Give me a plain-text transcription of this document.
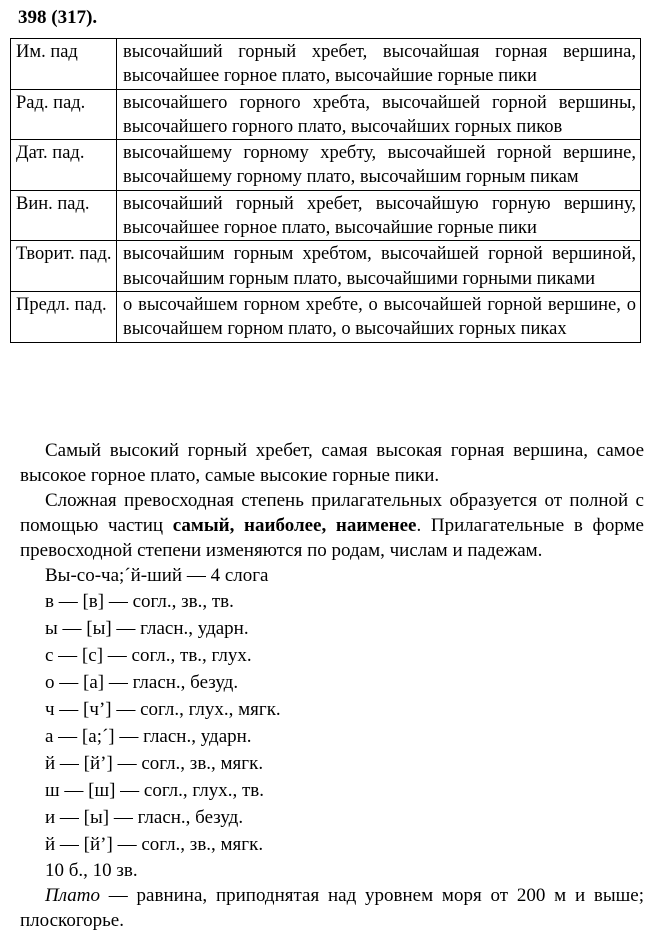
398 (317).
Им. пад	высочайший горный хребет, высочайшая горная вершина, высочайшее горное плато, высочайшие горные пики
Рад. пад.	высочайшего горного хребта, высочайшей горной вершины, высочайшего горного плато, высочайших горных пиков
Дат. пад.	высочайшему горному хребту, высочайшей горной вершине, высочайшему горному плато, высочайшим горным пикам
Вин. пад.	высочайший горный хребет, высочайшую горную вершину, высочайшее горное плато, высочайшие горные пики
Творит. пад.	высочайшим горным хребтом, высочайшей горной вершиной, высочайшим горным плато, высочайшими горными пиками
Предл. пад.	о высочайшем горном хребте, о высочайшей горной вершине, о высочайшем горном плато, о высочайших горных пиках

Самый высокий горный хребет, самая высокая горная вершина, самое высокое горное плато, самые высокие горные пики.

Сложная превосходная степень прилагательных образуется от полной с помощью частиц самый, наиболее, наименее. Прилагательные в форме превосходной степени изменяются по родам, числам и падежам.

Вы-со-ча;´й-ший — 4 слога

в — [в] — согл., зв., тв.

ы — [ы] — гласн., ударн.

с — [с] — согл., тв., глух.

о — [а] — гласн., безуд.

ч — [ч’] — согл., глух., мягк.

а — [а;´] — гласн., ударн.

й — [й’] — согл., зв., мягк.

ш — [ш] — согл., глух., тв.

и — [ы] — гласн., безуд.

й — [й’] — согл., зв., мягк.

10 б., 10 зв.

Плато — равнина, приподнятая над уровнем моря от 200 м и выше; плоскогорье.
